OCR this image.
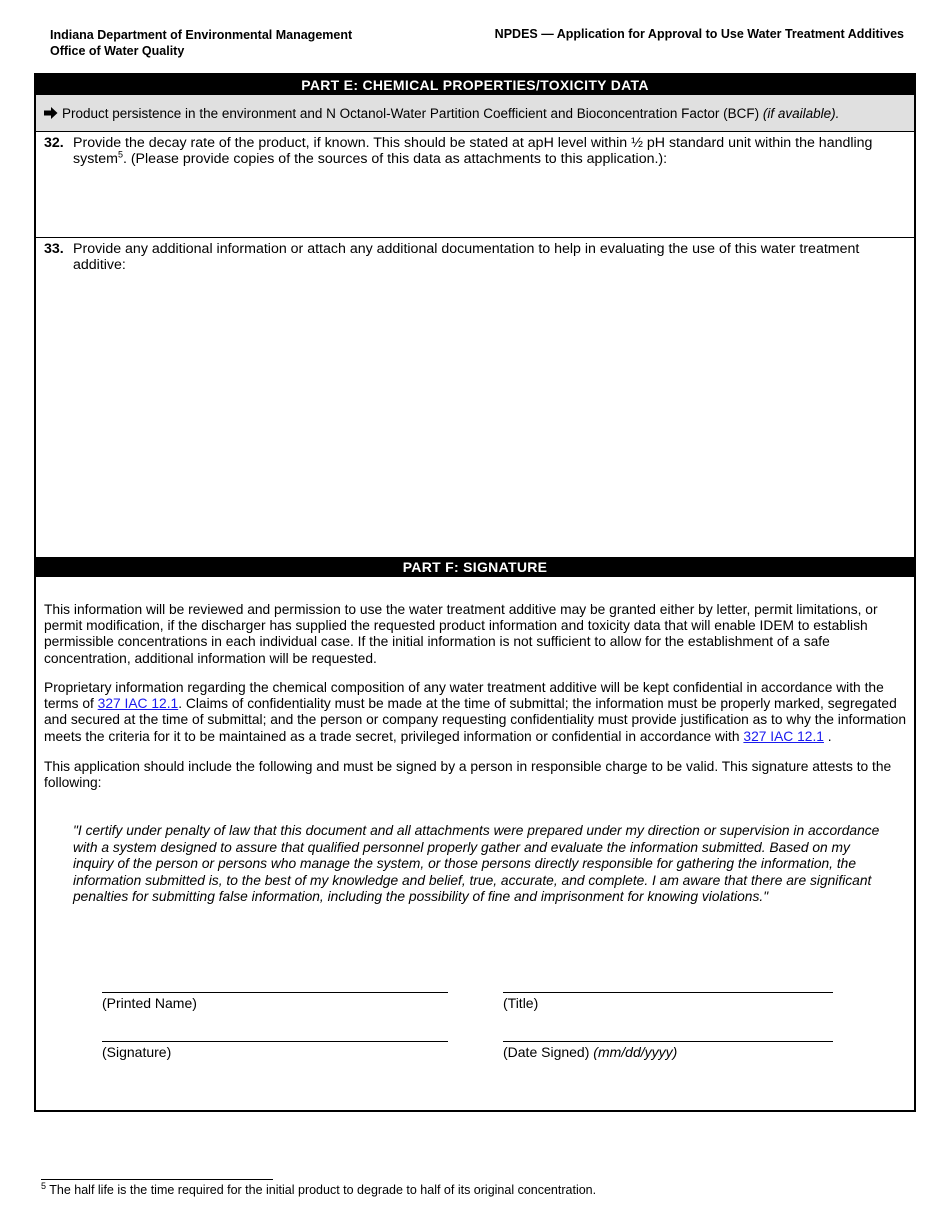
Indiana Department of Environmental Management
Office of Water Quality
NPDES — Application for Approval to Use Water Treatment Additives
PART E: CHEMICAL PROPERTIES/TOXICITY DATA
Product persistence in the environment and N Octanol-Water Partition Coefficient and Bioconcentration Factor (BCF) (if available).
32. Provide the decay rate of the product, if known. This should be stated at apH level within ½ pH standard unit within the handling system$^5$. (Please provide copies of the sources of this data as attachments to this application.):
33. Provide any additional information or attach any additional documentation to help in evaluating the use of this water treatment additive:
PART F: SIGNATURE
This information will be reviewed and permission to use the water treatment additive may be granted either by letter, permit limitations, or permit modification, if the discharger has supplied the requested product information and toxicity data that will enable IDEM to establish permissible concentrations in each individual case. If the initial information is not sufficient to allow for the establishment of a safe concentration, additional information will be requested.
Proprietary information regarding the chemical composition of any water treatment additive will be kept confidential in accordance with the terms of 327 IAC 12.1. Claims of confidentiality must be made at the time of submittal; the information must be properly marked, segregated and secured at the time of submittal; and the person or company requesting confidentiality must provide justification as to why the information meets the criteria for it to be maintained as a trade secret, privileged information or confidential in accordance with 327 IAC 12.1 .
This application should include the following and must be signed by a person in responsible charge to be valid. This signature attests to the following:
"I certify under penalty of law that this document and all attachments were prepared under my direction or supervision in accordance with a system designed to assure that qualified personnel properly gather and evaluate the information submitted. Based on my inquiry of the person or persons who manage the system, or those persons directly responsible for gathering the information, the information submitted is, to the best of my knowledge and belief, true, accurate, and complete. I am aware that there are significant penalties for submitting false information, including the possibility of fine and imprisonment for knowing violations."
(Printed Name)	(Title)
(Signature)	(Date Signed) (mm/dd/yyyy)
$^5$ The half life is the time required for the initial product to degrade to half of its original concentration.
